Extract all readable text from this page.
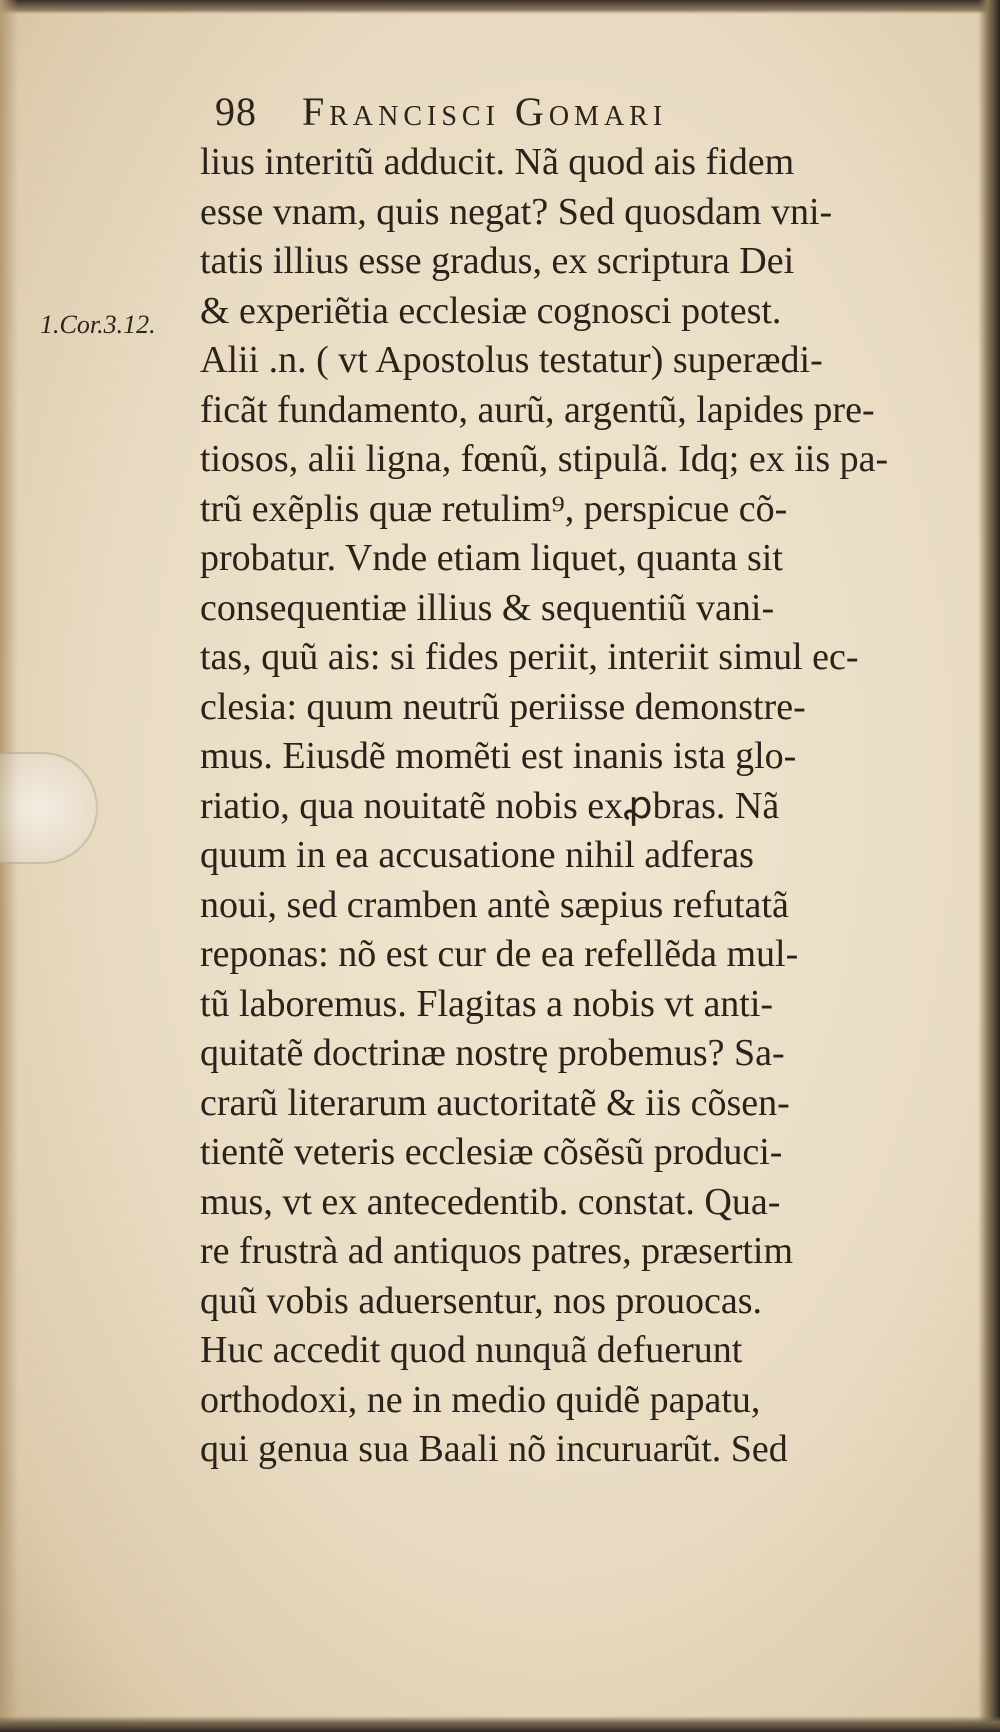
98 Francisci Gomari
1.Cor.3.12.
lius interitũ adducit. Nã quod ais fidem
esse vnam, quis negat? Sed quosdam vni-
tatis illius esse gradus, ex scriptura Dei
& experiẽtia ecclesiæ cognosci potest.
Alii .n. ( vt Apostolus testatur) superædi-
ficãt fundamento, aurũ, argentũ, lapides pre-
tiosos, alii ligna, fœnũ, stipulã. Idq; ex iis pa-
trũ exẽplis quæ retulim⁹, perspicue cõ-
probatur. Vnde etiam liquet, quanta sit
consequentiæ illius & sequentiũ vani-
tas, quũ ais: si fides periit, interiit simul ec-
clesia: quum neutrũ periisse demonstre-
mus. Eiusdẽ momẽti est inanis ista glo-
riatio, qua nouitatẽ nobis exꝓbras. Nã
quum in ea accusatione nihil adferas
noui, sed cramben antè sæpius refutatã
reponas: nõ est cur de ea refellẽda mul-
tũ laboremus. Flagitas a nobis vt anti-
quitatẽ doctrinæ nostrę probemus? Sa-
crarũ literarum auctoritatẽ & iis cõsen-
tientẽ veteris ecclesiæ cõsẽsũ produci-
mus, vt ex antecedentib. constat. Qua-
re frustrà ad antiquos patres, præsertim
quũ vobis aduersentur, nos prouocas.
Huc accedit quod nunquã defuerunt
orthodoxi, ne in medio quidẽ papatu,
qui genua sua Baali nõ incuruarũt. Sed
